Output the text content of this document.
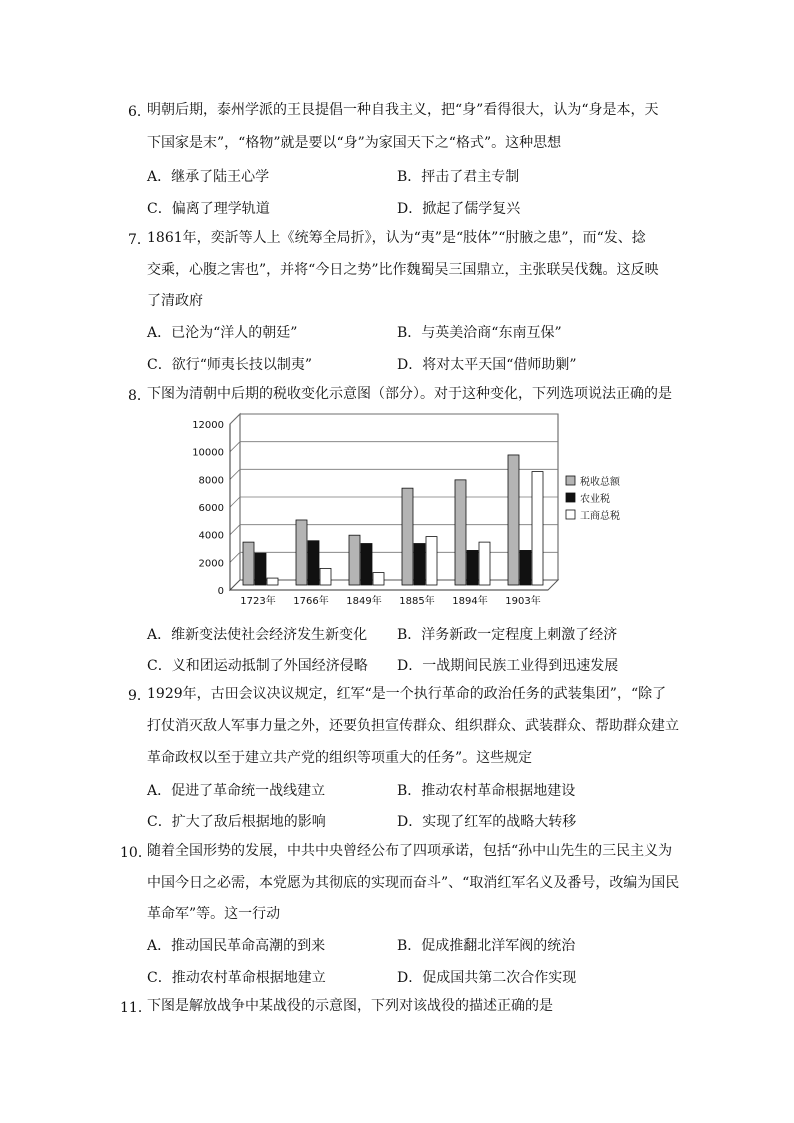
6．
明朝后期，泰州学派的王艮提倡一种自我主义，把“身”看得很大，认为“身是本，天
下国家是末”，“格物”就是要以“身”为家国天下之“格式”。这种思想
A．继承了陆王心学	B．抨击了君主专制
C．偏离了理学轨道	D．掀起了儒学复兴
7．
1861年，奕訢等人上《统筹全局折》，认为“夷”是“肢体”“肘腋之患”，而“发、捻
交乘，心腹之害也”，并将“今日之势”比作魏蜀吴三国鼎立，主张联吴伐魏。这反映
了清政府
A．已沦为“洋人的朝廷”	B．与英美洽商“东南互保”
C．欲行“师夷长技以制夷”	D．将对太平天国“借师助剿”
8．
下图为清朝中后期的税收变化示意图（部分）。对于这种变化，下列选项说法正确的是
A．维新变法使社会经济发生新变化 B．洋务新政一定程度上刺激了经济
C．义和团运动抵制了外国经济侵略 D．一战期间民族工业得到迅速发展
9．
1929年，古田会议决议规定，红军“是一个执行革命的政治任务的武装集团”，“除了
打仗消灭敌人军事力量之外，还要负担宣传群众、组织群众、武装群众、帮助群众建立
革命政权以至于建立共产党的组织等项重大的任务”。这些规定
A．促进了革命统一战线建立	B．推动农村革命根据地建设
C．扩大了敌后根据地的影响	D．实现了红军的战略大转移
10．
随着全国形势的发展，中共中央曾经公布了四项承诺，包括“孙中山先生的三民主义为
中国今日之必需，本党愿为其彻底的实现而奋斗”、“取消红军名义及番号，改编为国民
革命军”等。这一行动
A．推动国民革命高潮的到来	B．促成推翻北洋军阀的统治
C．推动农村革命根据地建立	D．促成国共第二次合作实现
11．
下图是解放战争中某战役的示意图，下列对该战役的描述正确的是
12000
10000
8000
6000
4000
2000
0
1723年 1766年 1849年 1885年 1894年 1903年
税收总额
农业税
工商总税
